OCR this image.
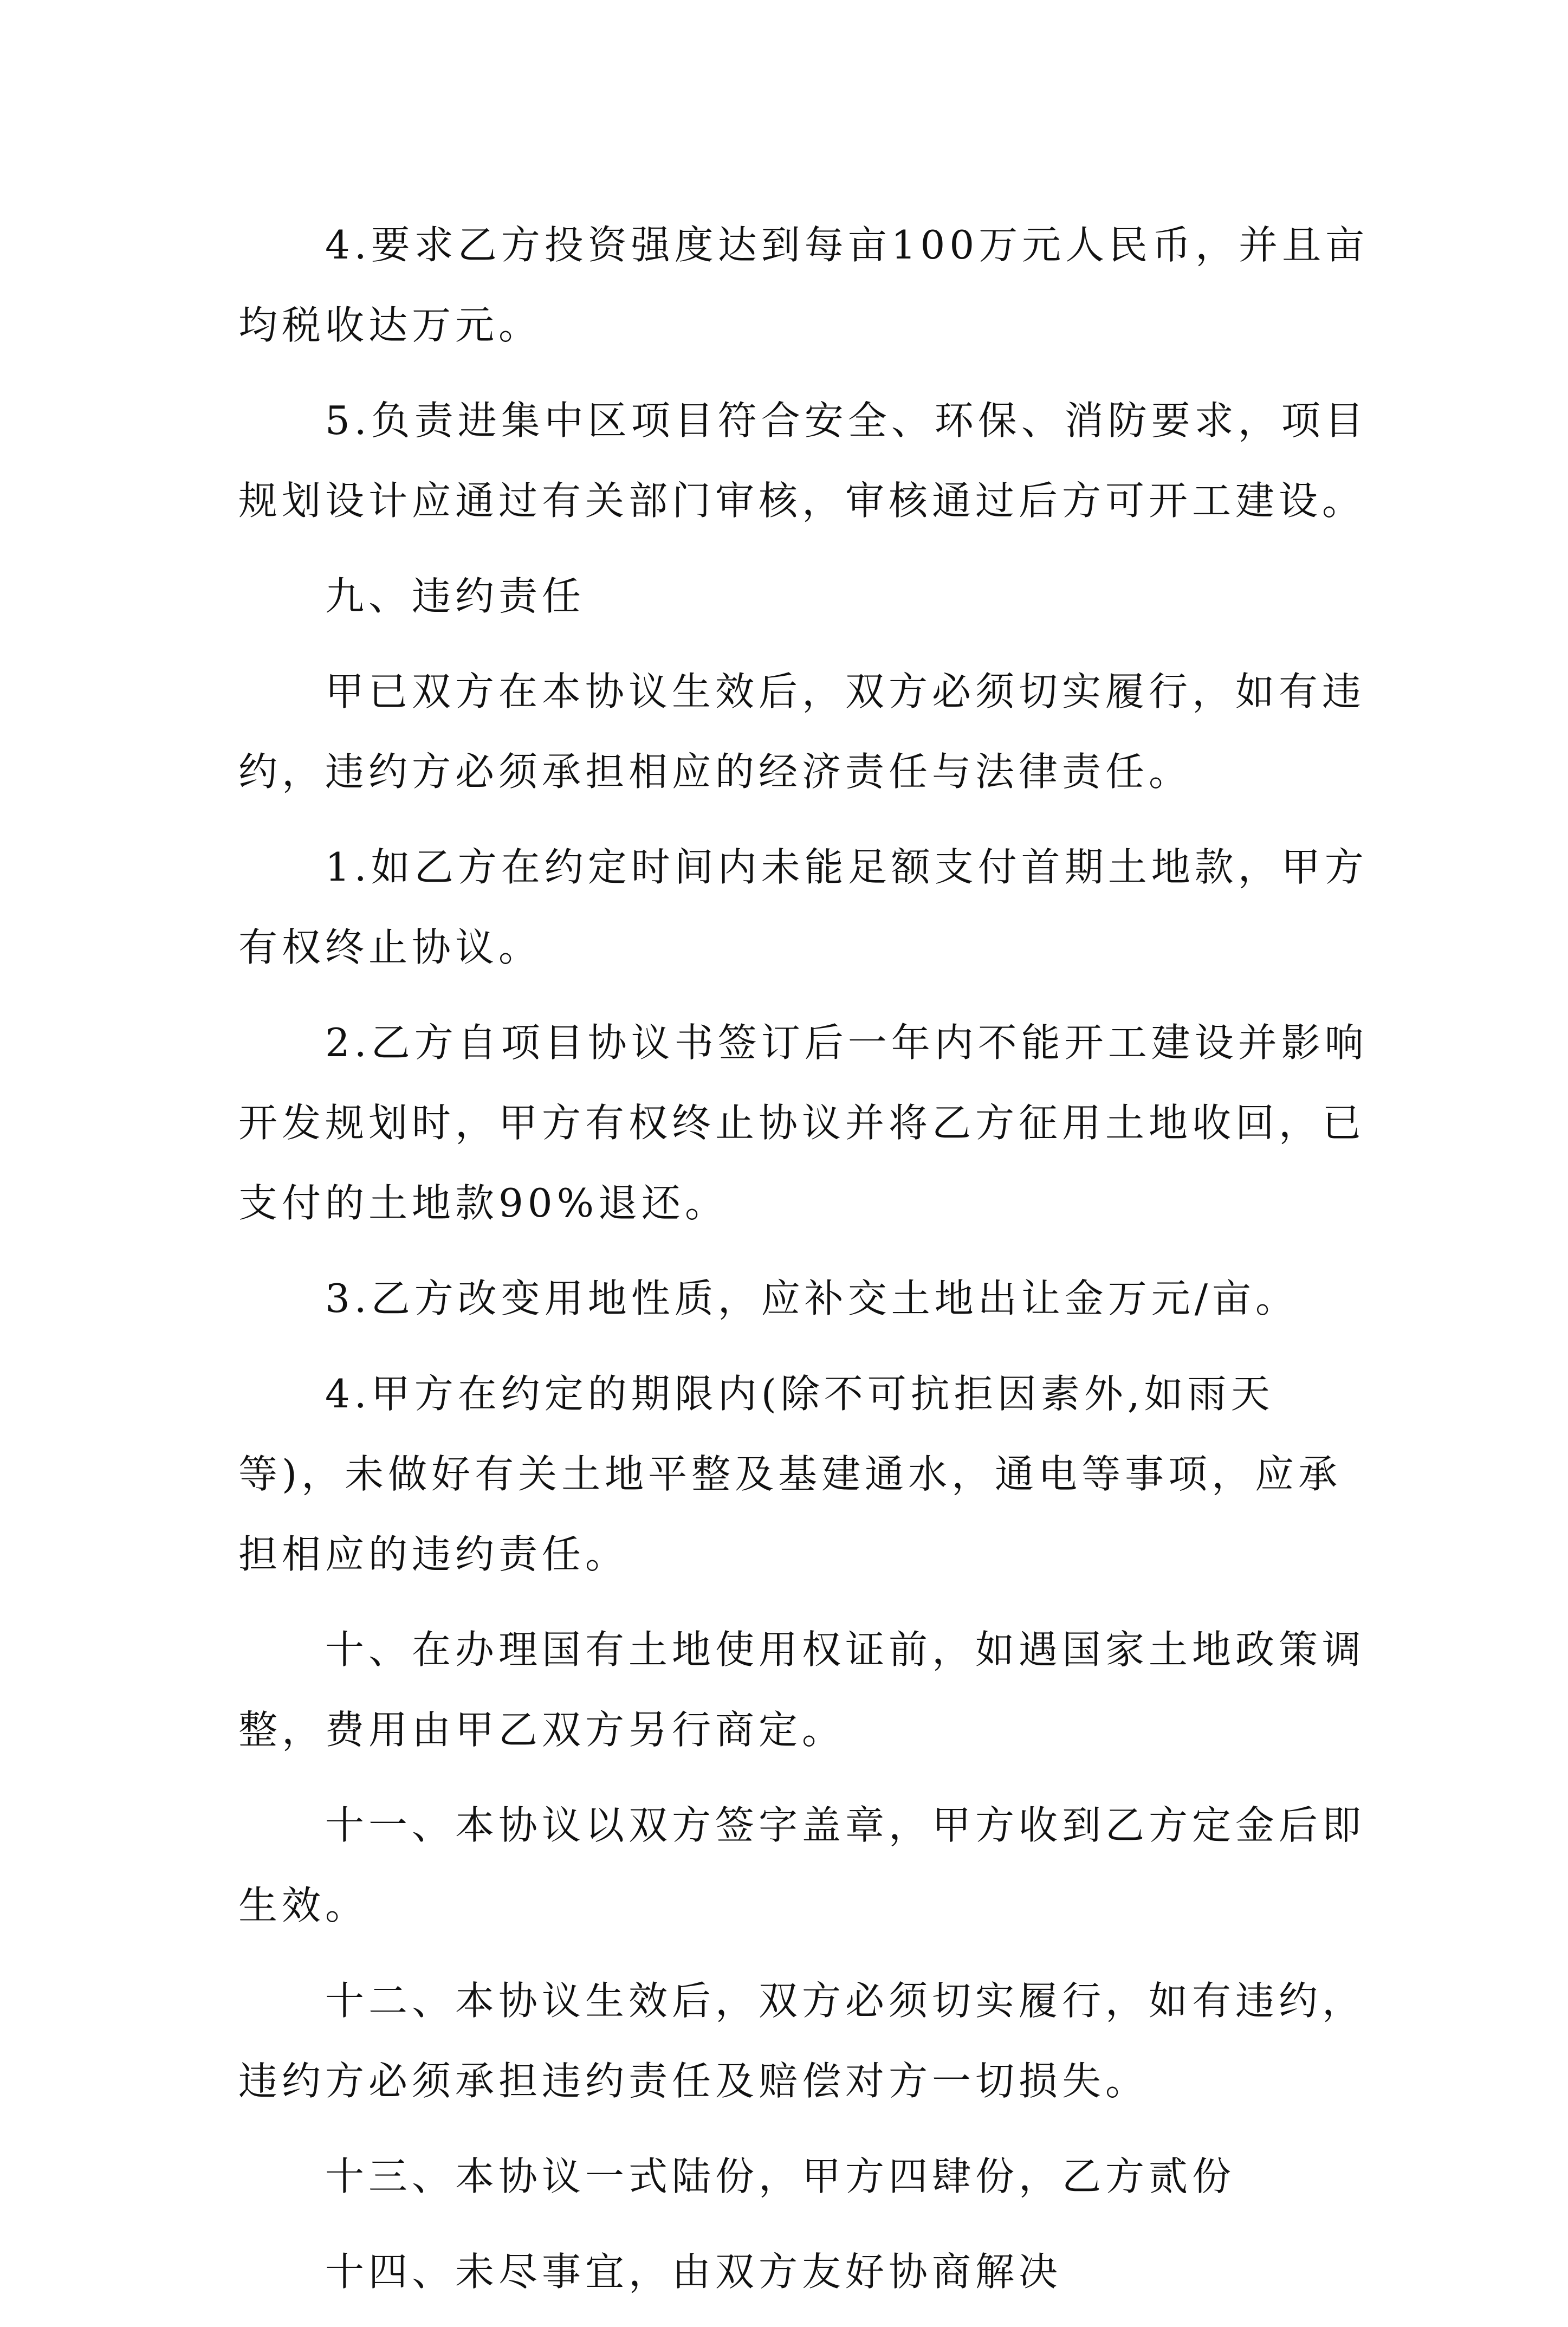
4.要求乙方投资强度达到每亩100万元人民币，并且亩均税收达万元。

5.负责进集中区项目符合安全、环保、消防要求，项目规划设计应通过有关部门审核，审核通过后方可开工建设。

九、违约责任

甲已双方在本协议生效后，双方必须切实履行，如有违约，违约方必须承担相应的经济责任与法律责任。

1.如乙方在约定时间内未能足额支付首期土地款，甲方有权终止协议。

2.乙方自项目协议书签订后一年内不能开工建设并影响开发规划时，甲方有权终止协议并将乙方征用土地收回，已支付的土地款90%退还。

3.乙方改变用地性质，应补交土地出让金万元/亩。

4.甲方在约定的期限内(除不可抗拒因素外,如雨天等)，未做好有关土地平整及基建通水，通电等事项，应承担相应的违约责任。

十、在办理国有土地使用权证前，如遇国家土地政策调整，费用由甲乙双方另行商定。

十一、本协议以双方签字盖章，甲方收到乙方定金后即生效。

十二、本协议生效后，双方必须切实履行，如有违约，违约方必须承担违约责任及赔偿对方一切损失。

十三、本协议一式陆份，甲方四肆份，乙方贰份

十四、未尽事宜，由双方友好协商解决
